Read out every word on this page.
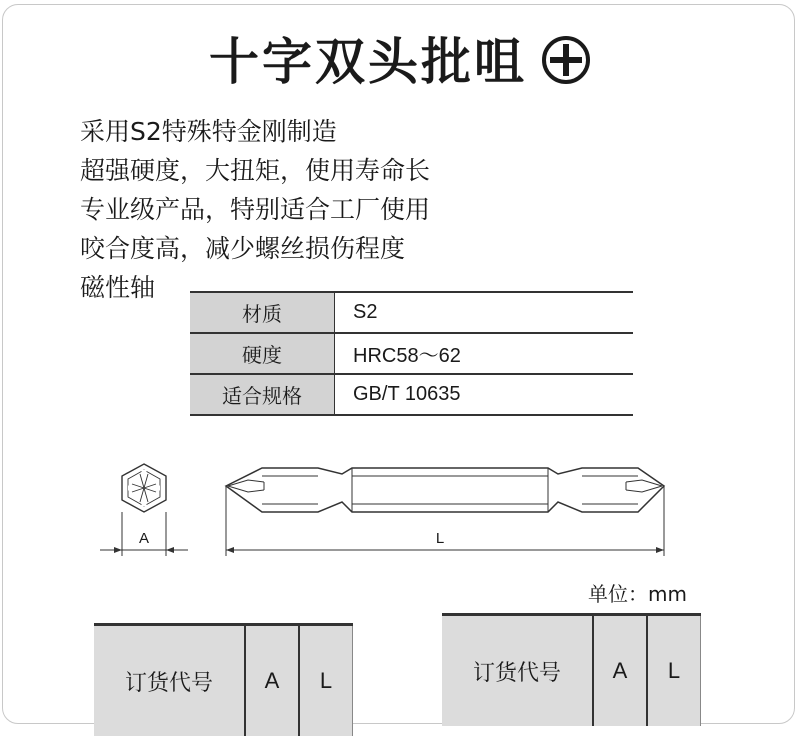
十字双头批咀
采用S2特殊特金刚制造
超强硬度，大扭矩，使用寿命长
专业级产品，特别适合工厂使用
咬合度高，减少螺丝损伤程度
磁性轴
材质	S2
硬度	HRC58～62
适合规格	GB/T 10635
A	L
单位：mm
订货代号	A	L	订货代号	A	L
